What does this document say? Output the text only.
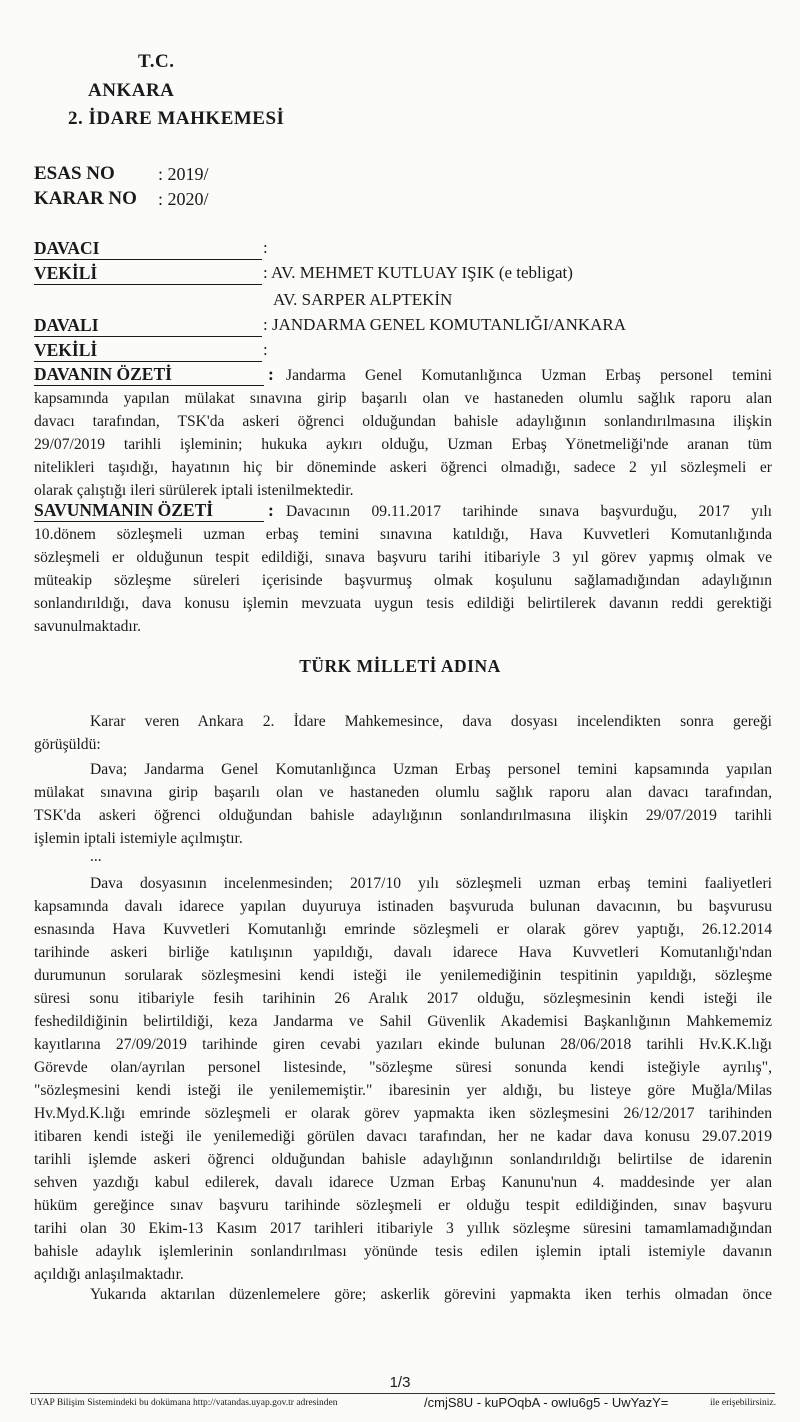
T.C.
ANKARA
2. İDARE MAHKEMESİ
ESAS NO : 2019/
KARAR NO : 2020/
DAVACI	:
VEKİLİ	: AV. MEHMET KUTLUAY IŞIK (e tebligat)
AV. SARPER ALPTEKİN
DAVALI	: JANDARMA GENEL KOMUTANLIĞI/ANKARA
VEKİLİ	:
DAVANIN ÖZETİ	: Jandarma Genel Komutanlığınca Uzman Erbaş personel temini
kapsamında yapılan mülakat sınavına girip başarılı olan ve hastaneden olumlu sağlık raporu alan
davacı tarafından, TSK'da askeri öğrenci olduğundan bahisle adaylığının sonlandırılmasına ilişkin
29/07/2019 tarihli işleminin; hukuka aykırı olduğu, Uzman Erbaş Yönetmeliği'nde aranan tüm
nitelikleri taşıdığı, hayatının hiç bir döneminde askeri öğrenci olmadığı, sadece 2 yıl sözleşmeli er
olarak çalıştığı ileri sürülerek iptali istenilmektedir.
SAVUNMANIN ÖZETİ	: Davacının 09.11.2017 tarihinde sınava başvurduğu, 2017 yılı
10.dönem sözleşmeli uzman erbaş temini sınavına katıldığı, Hava Kuvvetleri Komutanlığında
sözleşmeli er olduğunun tespit edildiği, sınava başvuru tarihi itibariyle 3 yıl görev yapmış olmak ve
müteakip sözleşme süreleri içerisinde başvurmuş olmak koşulunu sağlamadığından adaylığının
sonlandırıldığı, dava konusu işlemin mevzuata uygun tesis edildiği belirtilerek davanın reddi gerektiği
savunulmaktadır.
TÜRK MİLLETİ ADINA
Karar veren Ankara 2. İdare Mahkemesince, dava dosyası incelendikten sonra gereği
görüşüldü:
Dava; Jandarma Genel Komutanlığınca Uzman Erbaş personel temini kapsamında yapılan
mülakat sınavına girip başarılı olan ve hastaneden olumlu sağlık raporu alan davacı tarafından,
TSK'da askeri öğrenci olduğundan bahisle adaylığının sonlandırılmasına ilişkin 29/07/2019 tarihli
işlemin iptali istemiyle açılmıştır.
...
Dava dosyasının incelenmesinden; 2017/10 yılı sözleşmeli uzman erbaş temini faaliyetleri
kapsamında davalı idarece yapılan duyuruya istinaden başvuruda bulunan davacının, bu başvurusu
esnasında Hava Kuvvetleri Komutanlığı emrinde sözleşmeli er olarak görev yaptığı, 26.12.2014
tarihinde askeri birliğe katılışının yapıldığı, davalı idarece Hava Kuvvetleri Komutanlığı'ndan
durumunun sorularak sözleşmesini kendi isteği ile yenilemediğinin tespitinin yapıldığı, sözleşme
süresi sonu itibariyle fesih tarihinin 26 Aralık 2017 olduğu, sözleşmesinin kendi isteği ile
feshedildiğinin belirtildiği, keza Jandarma ve Sahil Güvenlik Akademisi Başkanlığının Mahkememiz
kayıtlarına 27/09/2019 tarihinde giren cevabi yazıları ekinde bulunan 28/06/2018 tarihli Hv.K.K.lığı
Görevde olan/ayrılan personel listesinde, "sözleşme süresi sonunda kendi isteğiyle ayrılış",
"sözleşmesini kendi isteği ile yenilememiştir." ibaresinin yer aldığı, bu listeye göre Muğla/Milas
Hv.Myd.K.lığı emrinde sözleşmeli er olarak görev yapmakta iken sözleşmesini 26/12/2017 tarihinden
itibaren kendi isteği ile yenilemediği görülen davacı tarafından, her ne kadar dava konusu 29.07.2019
tarihli işlemde askeri öğrenci olduğundan bahisle adaylığının sonlandırıldığı belirtilse de idarenin
sehven yazdığı kabul edilerek, davalı idarece Uzman Erbaş Kanunu'nun 4. maddesinde yer alan
hüküm gereğince sınav başvuru tarihinde sözleşmeli er olduğu tespit edildiğinden, sınav başvuru
tarihi olan 30 Ekim-13 Kasım 2017 tarihleri itibariyle 3 yıllık sözleşme süresini tamamlamadığından
bahisle adaylık işlemlerinin sonlandırılması yönünde tesis edilen işlemin iptali istemiyle davanın
açıldığı anlaşılmaktadır.
Yukarıda aktarılan düzenlemelere göre; askerlik görevini yapmakta iken terhis olmadan önce
1/3
UYAP Bilişim Sistemindeki bu dokümana http://vatandas.uyap.gov.tr adresinden	/cmjS8U - kuPOqbA - owIu6g5 - UwYazY=	ile erişebilirsiniz.
